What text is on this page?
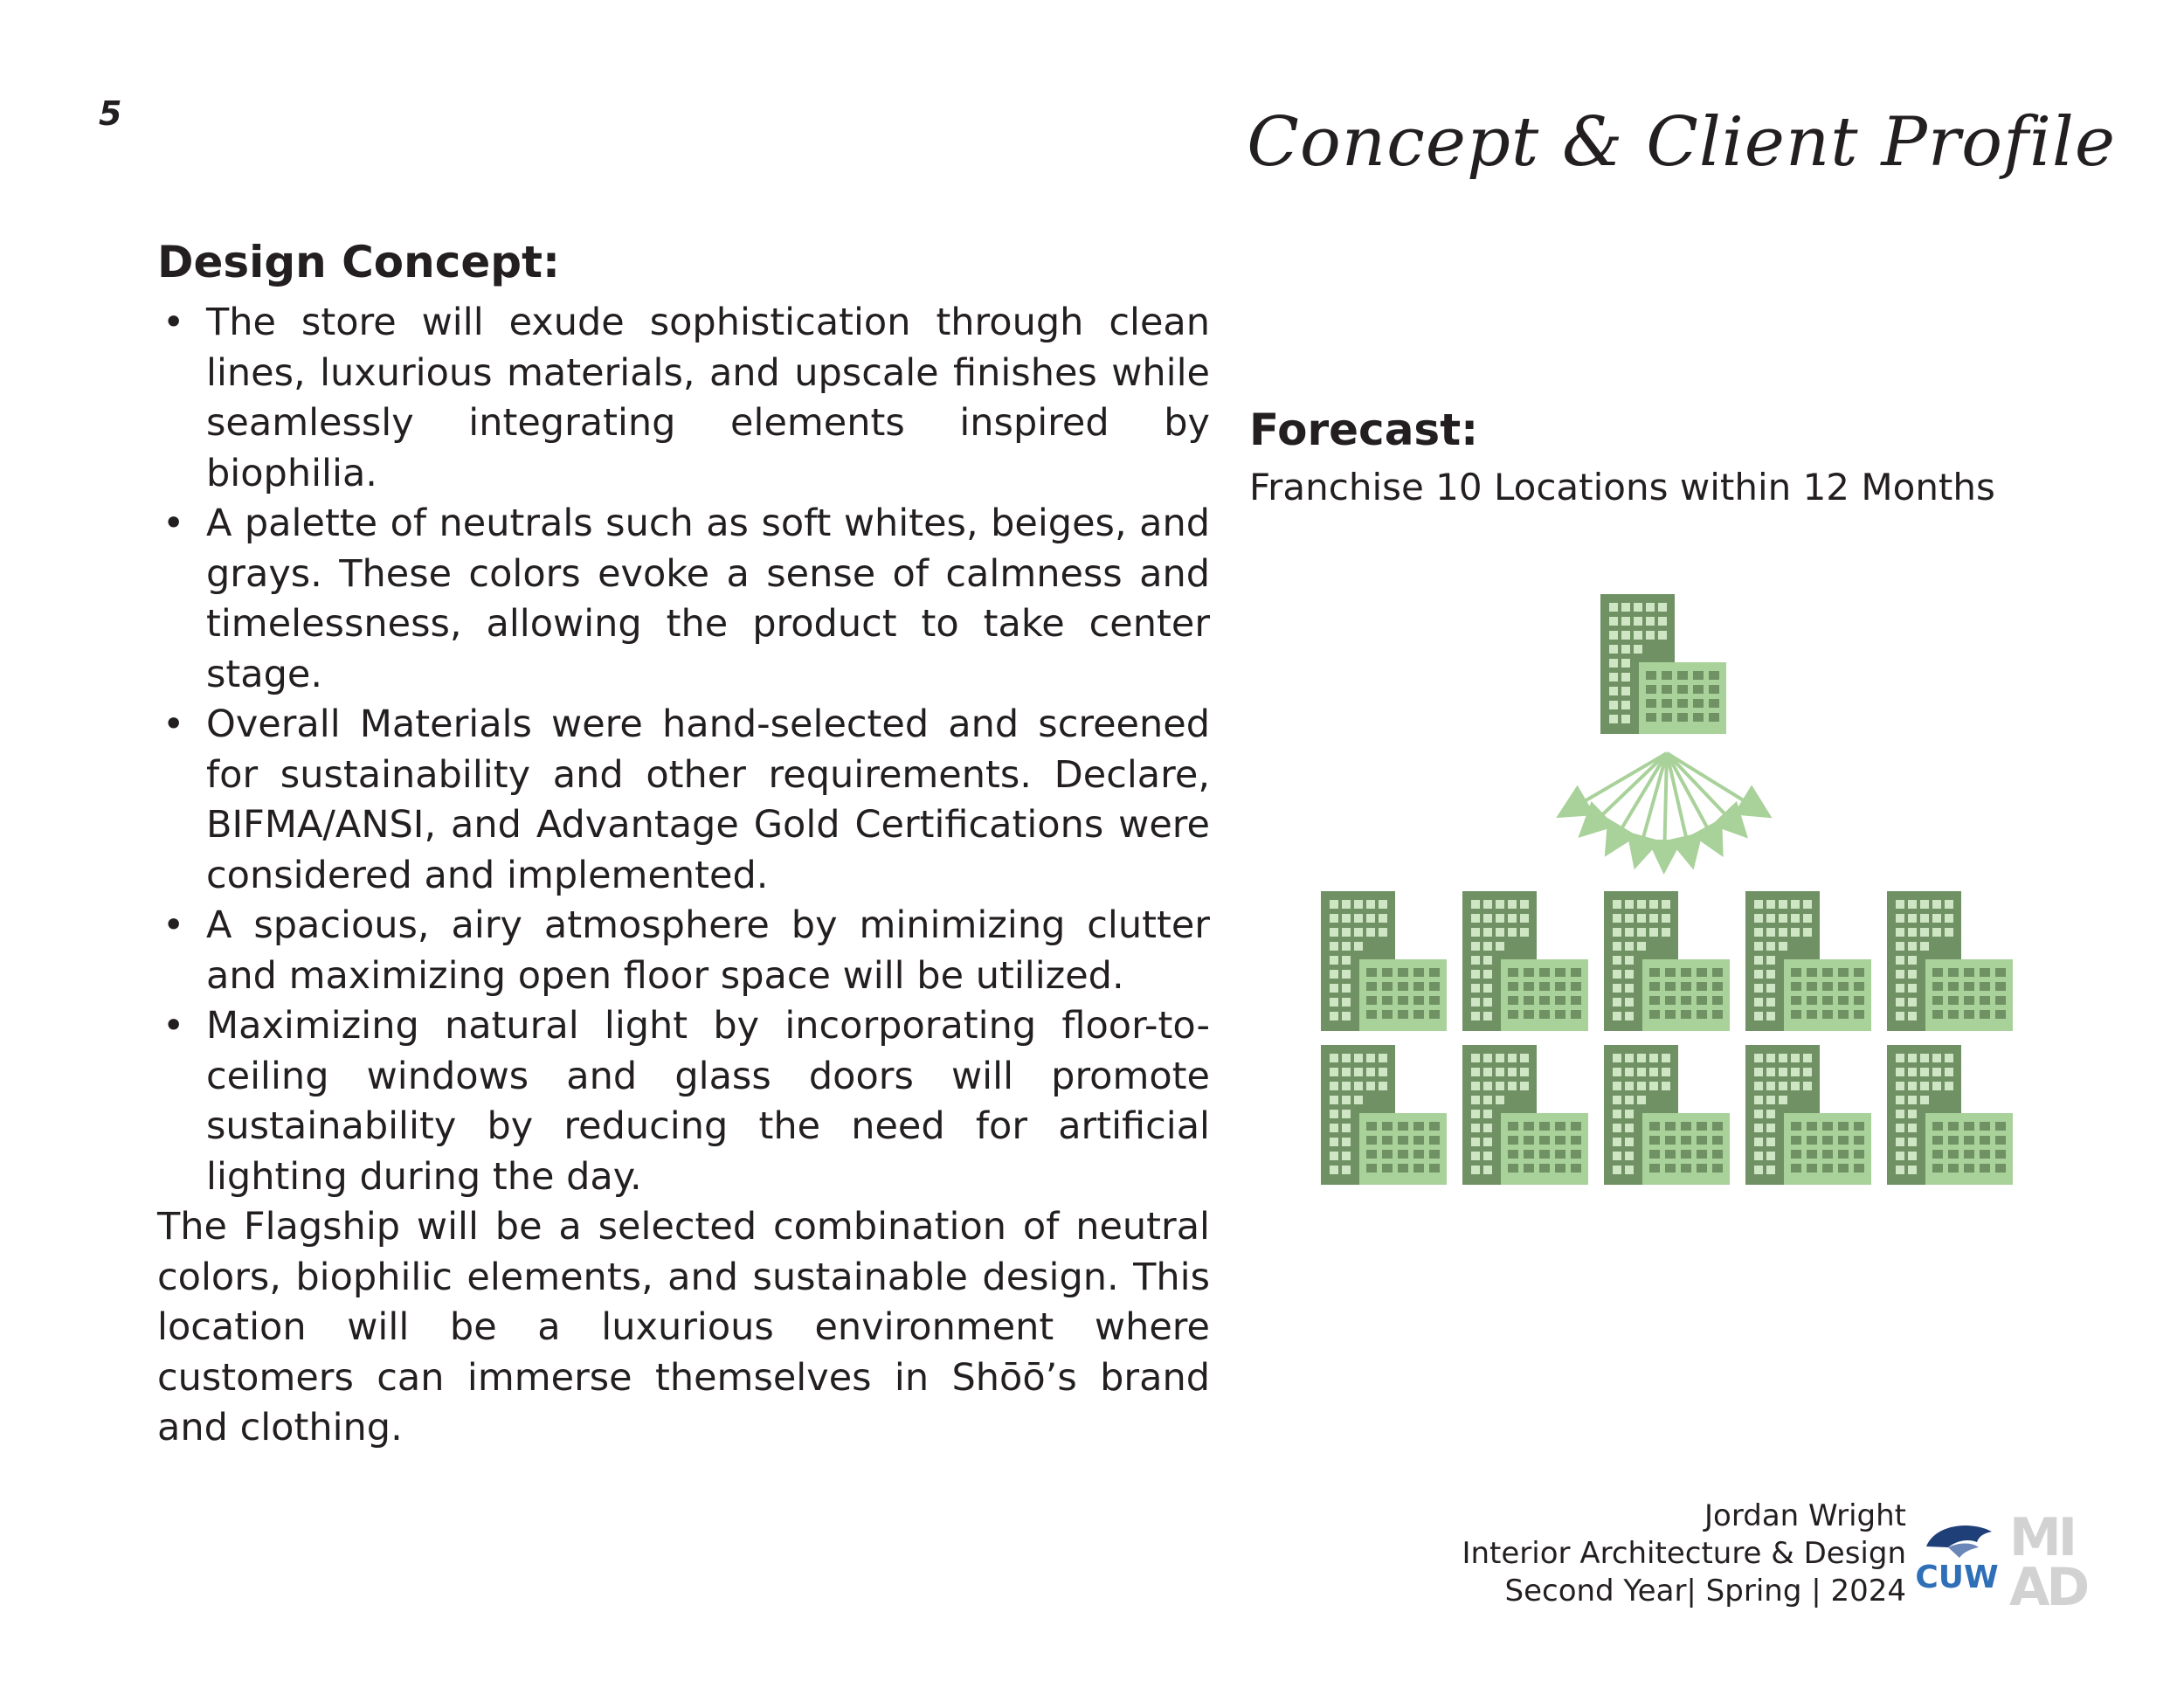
5	Concept & Client Profile
Design Concept:
• The store will exude sophistication through clean lines, luxurious materials, and upscale finishes while seamlessly integrating elements inspired by biophilia.
• A palette of neutrals such as soft whites, beiges, and grays. These colors evoke a sense of calmness and timelessness, allowing the product to take center stage.
• Overall Materials were hand-selected and screened for sustainability and other requirements. Declare, BIFMA/ANSI, and Advantage Gold Certifications were considered and implemented.
• A spacious, airy atmosphere by minimizing clutter and maximizing open floor space will be utilized.
• Maximizing natural light by incorporating floor-to-ceiling windows and glass doors will promote sustainability by reducing the need for artificial lighting during the day.

The Flagship will be a selected combination of neutral colors, biophilic elements, and sustainable design. This location will be a luxurious environment where customers can immerse themselves in Shōō’s brand and clothing.

Forecast:
Franchise 10 Locations within 12 Months
Jordan Wright
Interior Architecture & Design
Second Year| Spring | 2024 CUW
MI
AD
